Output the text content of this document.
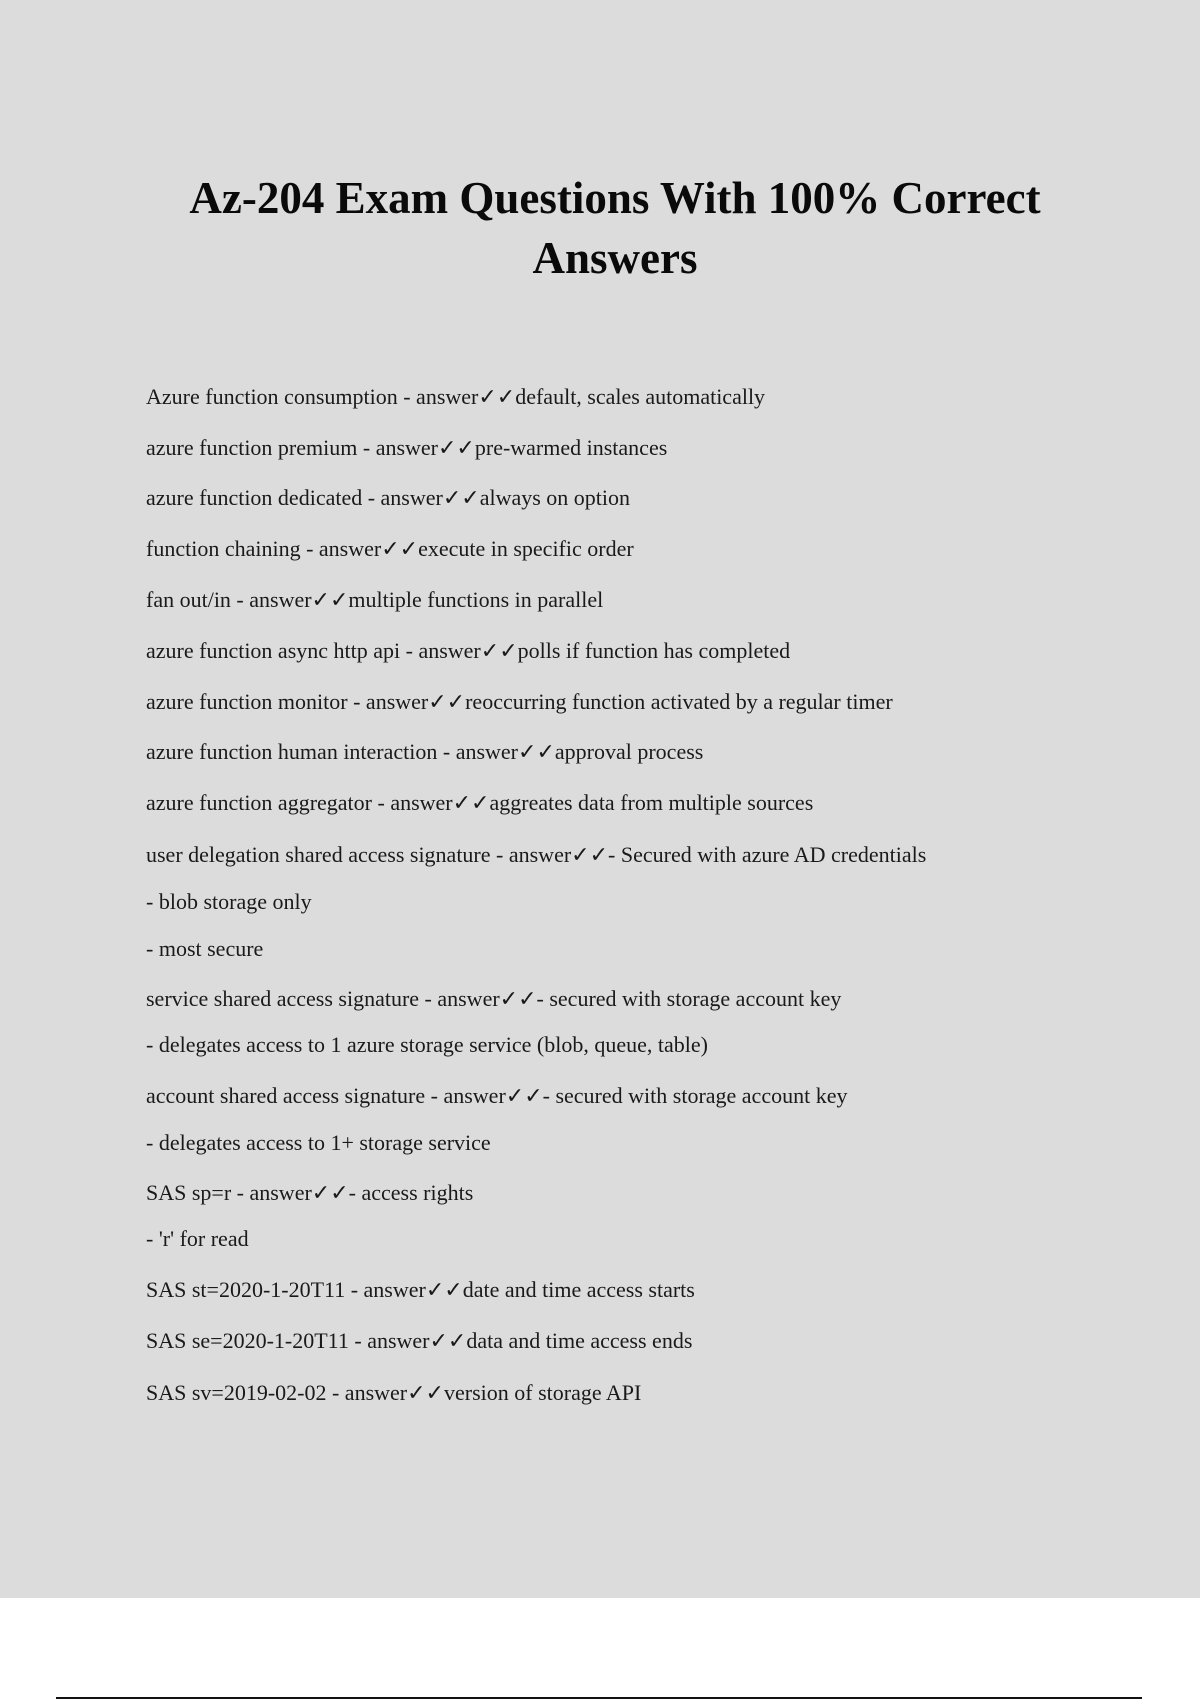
Az-204 Exam Questions With 100% Correct Answers
Azure function consumption - answer✓✓default, scales automatically
azure function premium - answer✓✓pre-warmed instances
azure function dedicated - answer✓✓always on option
function chaining - answer✓✓execute in specific order
fan out/in - answer✓✓multiple functions in parallel
azure function async http api - answer✓✓polls if function has completed
azure function monitor - answer✓✓reoccurring function activated by a regular timer
azure function human interaction - answer✓✓approval process
azure function aggregator - answer✓✓aggreates data from multiple sources
user delegation shared access signature - answer✓✓- Secured with azure AD credentials
- blob storage only
- most secure
service shared access signature - answer✓✓- secured with storage account key
- delegates access to 1 azure storage service (blob, queue, table)
account shared access signature - answer✓✓- secured with storage account key
- delegates access to 1+ storage service
SAS sp=r - answer✓✓- access rights
- 'r' for read
SAS st=2020-1-20T11 - answer✓✓date and time access starts
SAS se=2020-1-20T11 - answer✓✓data and time access ends
SAS sv=2019-02-02 - answer✓✓version of storage API
